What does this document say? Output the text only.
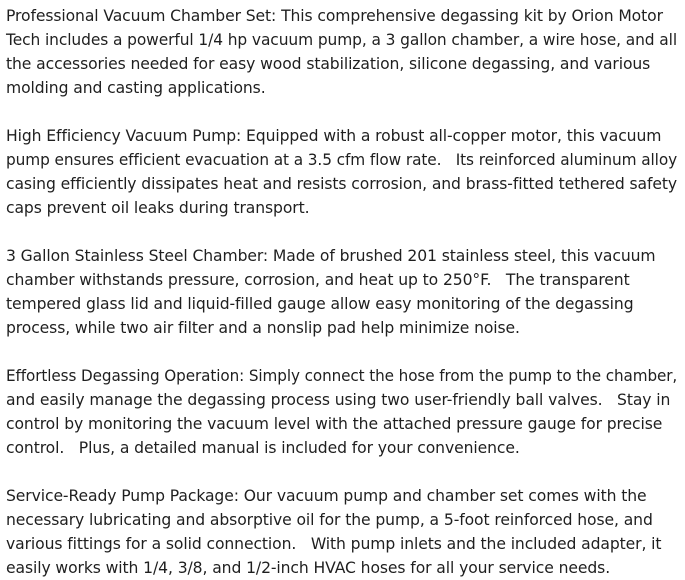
Professional Vacuum Chamber Set: This comprehensive degassing kit by Orion Motor
Tech includes a powerful 1/4 hp vacuum pump, a 3 gallon chamber, a wire hose, and all
the accessories needed for easy wood stabilization, silicone degassing, and various
molding and casting applications.

High Efficiency Vacuum Pump: Equipped with a robust all-copper motor, this vacuum
pump ensures efficient evacuation at a 3.5 cfm flow rate.   Its reinforced aluminum alloy
casing efficiently dissipates heat and resists corrosion, and brass-fitted tethered safety
caps prevent oil leaks during transport.

3 Gallon Stainless Steel Chamber: Made of brushed 201 stainless steel, this vacuum
chamber withstands pressure, corrosion, and heat up to 250°F.   The transparent
tempered glass lid and liquid-filled gauge allow easy monitoring of the degassing
process, while two air filter and a nonslip pad help minimize noise.

Effortless Degassing Operation: Simply connect the hose from the pump to the chamber,
and easily manage the degassing process using two user-friendly ball valves.   Stay in
control by monitoring the vacuum level with the attached pressure gauge for precise
control.   Plus, a detailed manual is included for your convenience.

Service-Ready Pump Package: Our vacuum pump and chamber set comes with the
necessary lubricating and absorptive oil for the pump, a 5-foot reinforced hose, and
various fittings for a solid connection.   With pump inlets and the included adapter, it
easily works with 1/4, 3/8, and 1/2-inch HVAC hoses for all your service needs.
